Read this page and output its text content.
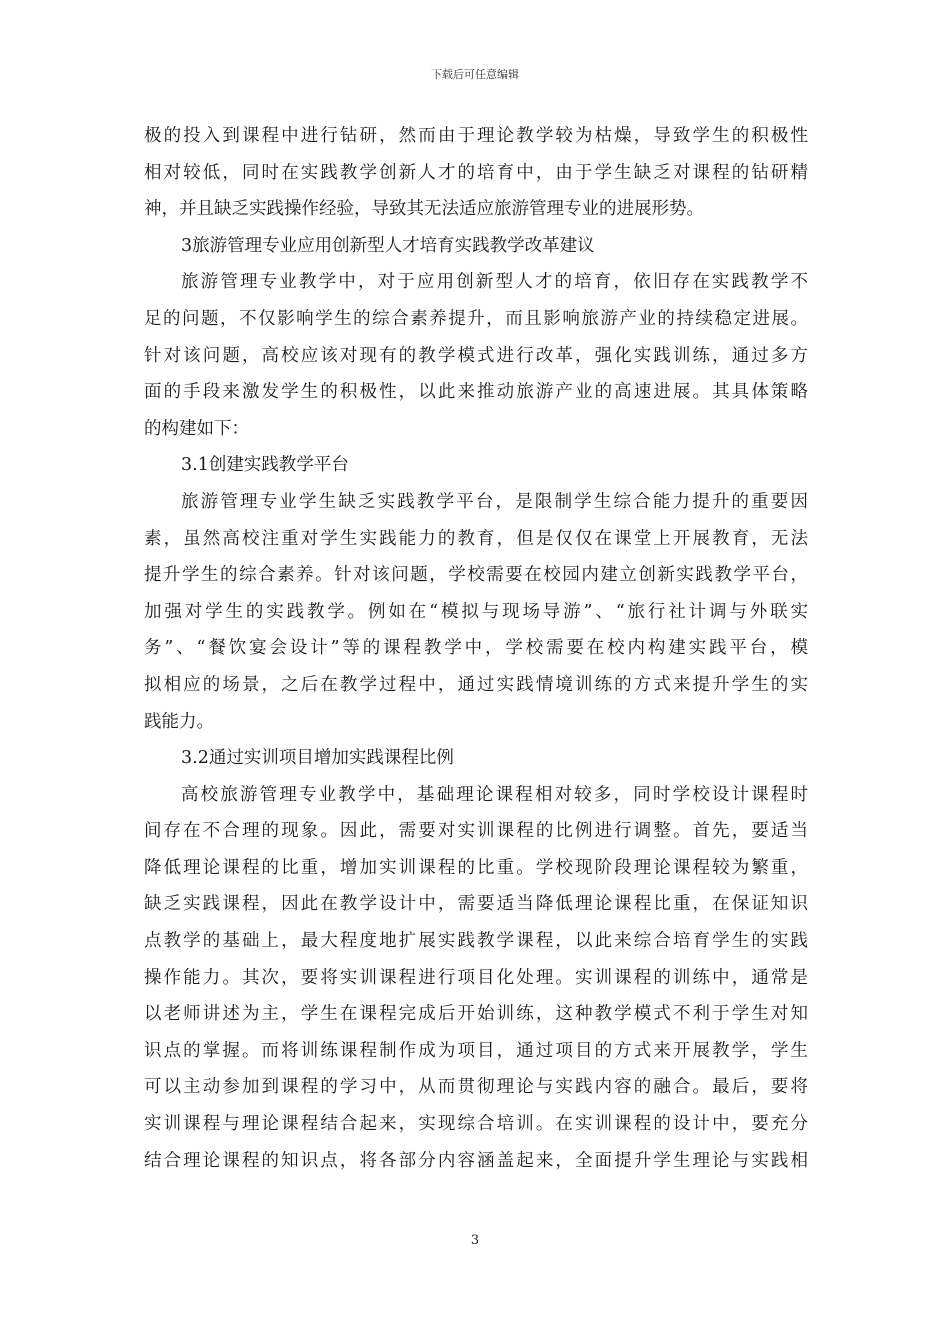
下载后可任意编辑
极的投入到课程中进行钻研，然而由于理论教学较为枯燥，导致学生的积极性
相对较低，同时在实践教学创新人才的培育中，由于学生缺乏对课程的钻研精
神，并且缺乏实践操作经验，导致其无法适应旅游管理专业的进展形势。
3旅游管理专业应用创新型人才培育实践教学改革建议
旅游管理专业教学中，对于应用创新型人才的培育，依旧存在实践教学不
足的问题，不仅影响学生的综合素养提升，而且影响旅游产业的持续稳定进展。
针对该问题，高校应该对现有的教学模式进行改革，强化实践训练，通过多方
面的手段来激发学生的积极性，以此来推动旅游产业的高速进展。其具体策略
的构建如下：
3.1创建实践教学平台
旅游管理专业学生缺乏实践教学平台，是限制学生综合能力提升的重要因
素，虽然高校注重对学生实践能力的教育，但是仅仅在课堂上开展教育，无法
提升学生的综合素养。针对该问题，学校需要在校园内建立创新实践教学平台，
加强对学生的实践教学。例如在“模拟与现场导游”、“旅行社计调与外联实
务”、“餐饮宴会设计”等的课程教学中，学校需要在校内构建实践平台，模
拟相应的场景，之后在教学过程中，通过实践情境训练的方式来提升学生的实
践能力。
3.2通过实训项目增加实践课程比例
高校旅游管理专业教学中，基础理论课程相对较多，同时学校设计课程时
间存在不合理的现象。因此，需要对实训课程的比例进行调整。首先，要适当
降低理论课程的比重，增加实训课程的比重。学校现阶段理论课程较为繁重，
缺乏实践课程，因此在教学设计中，需要适当降低理论课程比重，在保证知识
点教学的基础上，最大程度地扩展实践教学课程，以此来综合培育学生的实践
操作能力。其次，要将实训课程进行项目化处理。实训课程的训练中，通常是
以老师讲述为主，学生在课程完成后开始训练，这种教学模式不利于学生对知
识点的掌握。而将训练课程制作成为项目，通过项目的方式来开展教学，学生
可以主动参加到课程的学习中，从而贯彻理论与实践内容的融合。最后，要将
实训课程与理论课程结合起来，实现综合培训。在实训课程的设计中，要充分
结合理论课程的知识点，将各部分内容涵盖起来，全面提升学生理论与实践相
3
